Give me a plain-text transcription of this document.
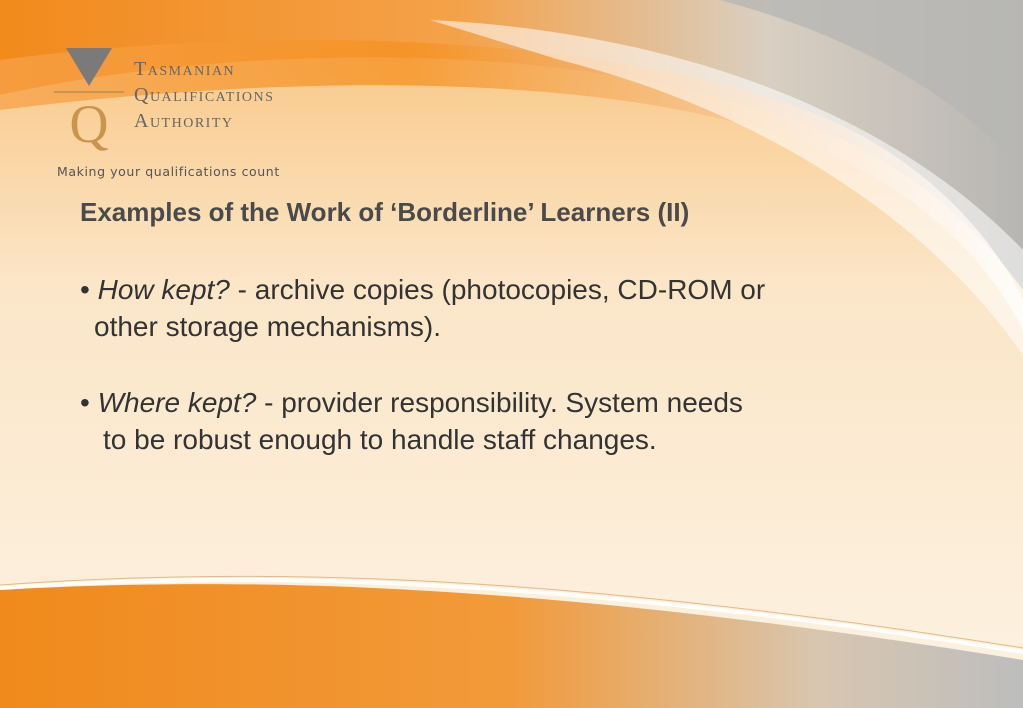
Q
Tasmanian
Qualifications
Authority
Making your qualifications count
Examples of the Work of ‘Borderline’ Learners (II)
• How kept? - archive copies (photocopies, CD-ROM or
other storage mechanisms).
• Where kept? - provider responsibility. System needs
to be robust enough to handle staff changes.
